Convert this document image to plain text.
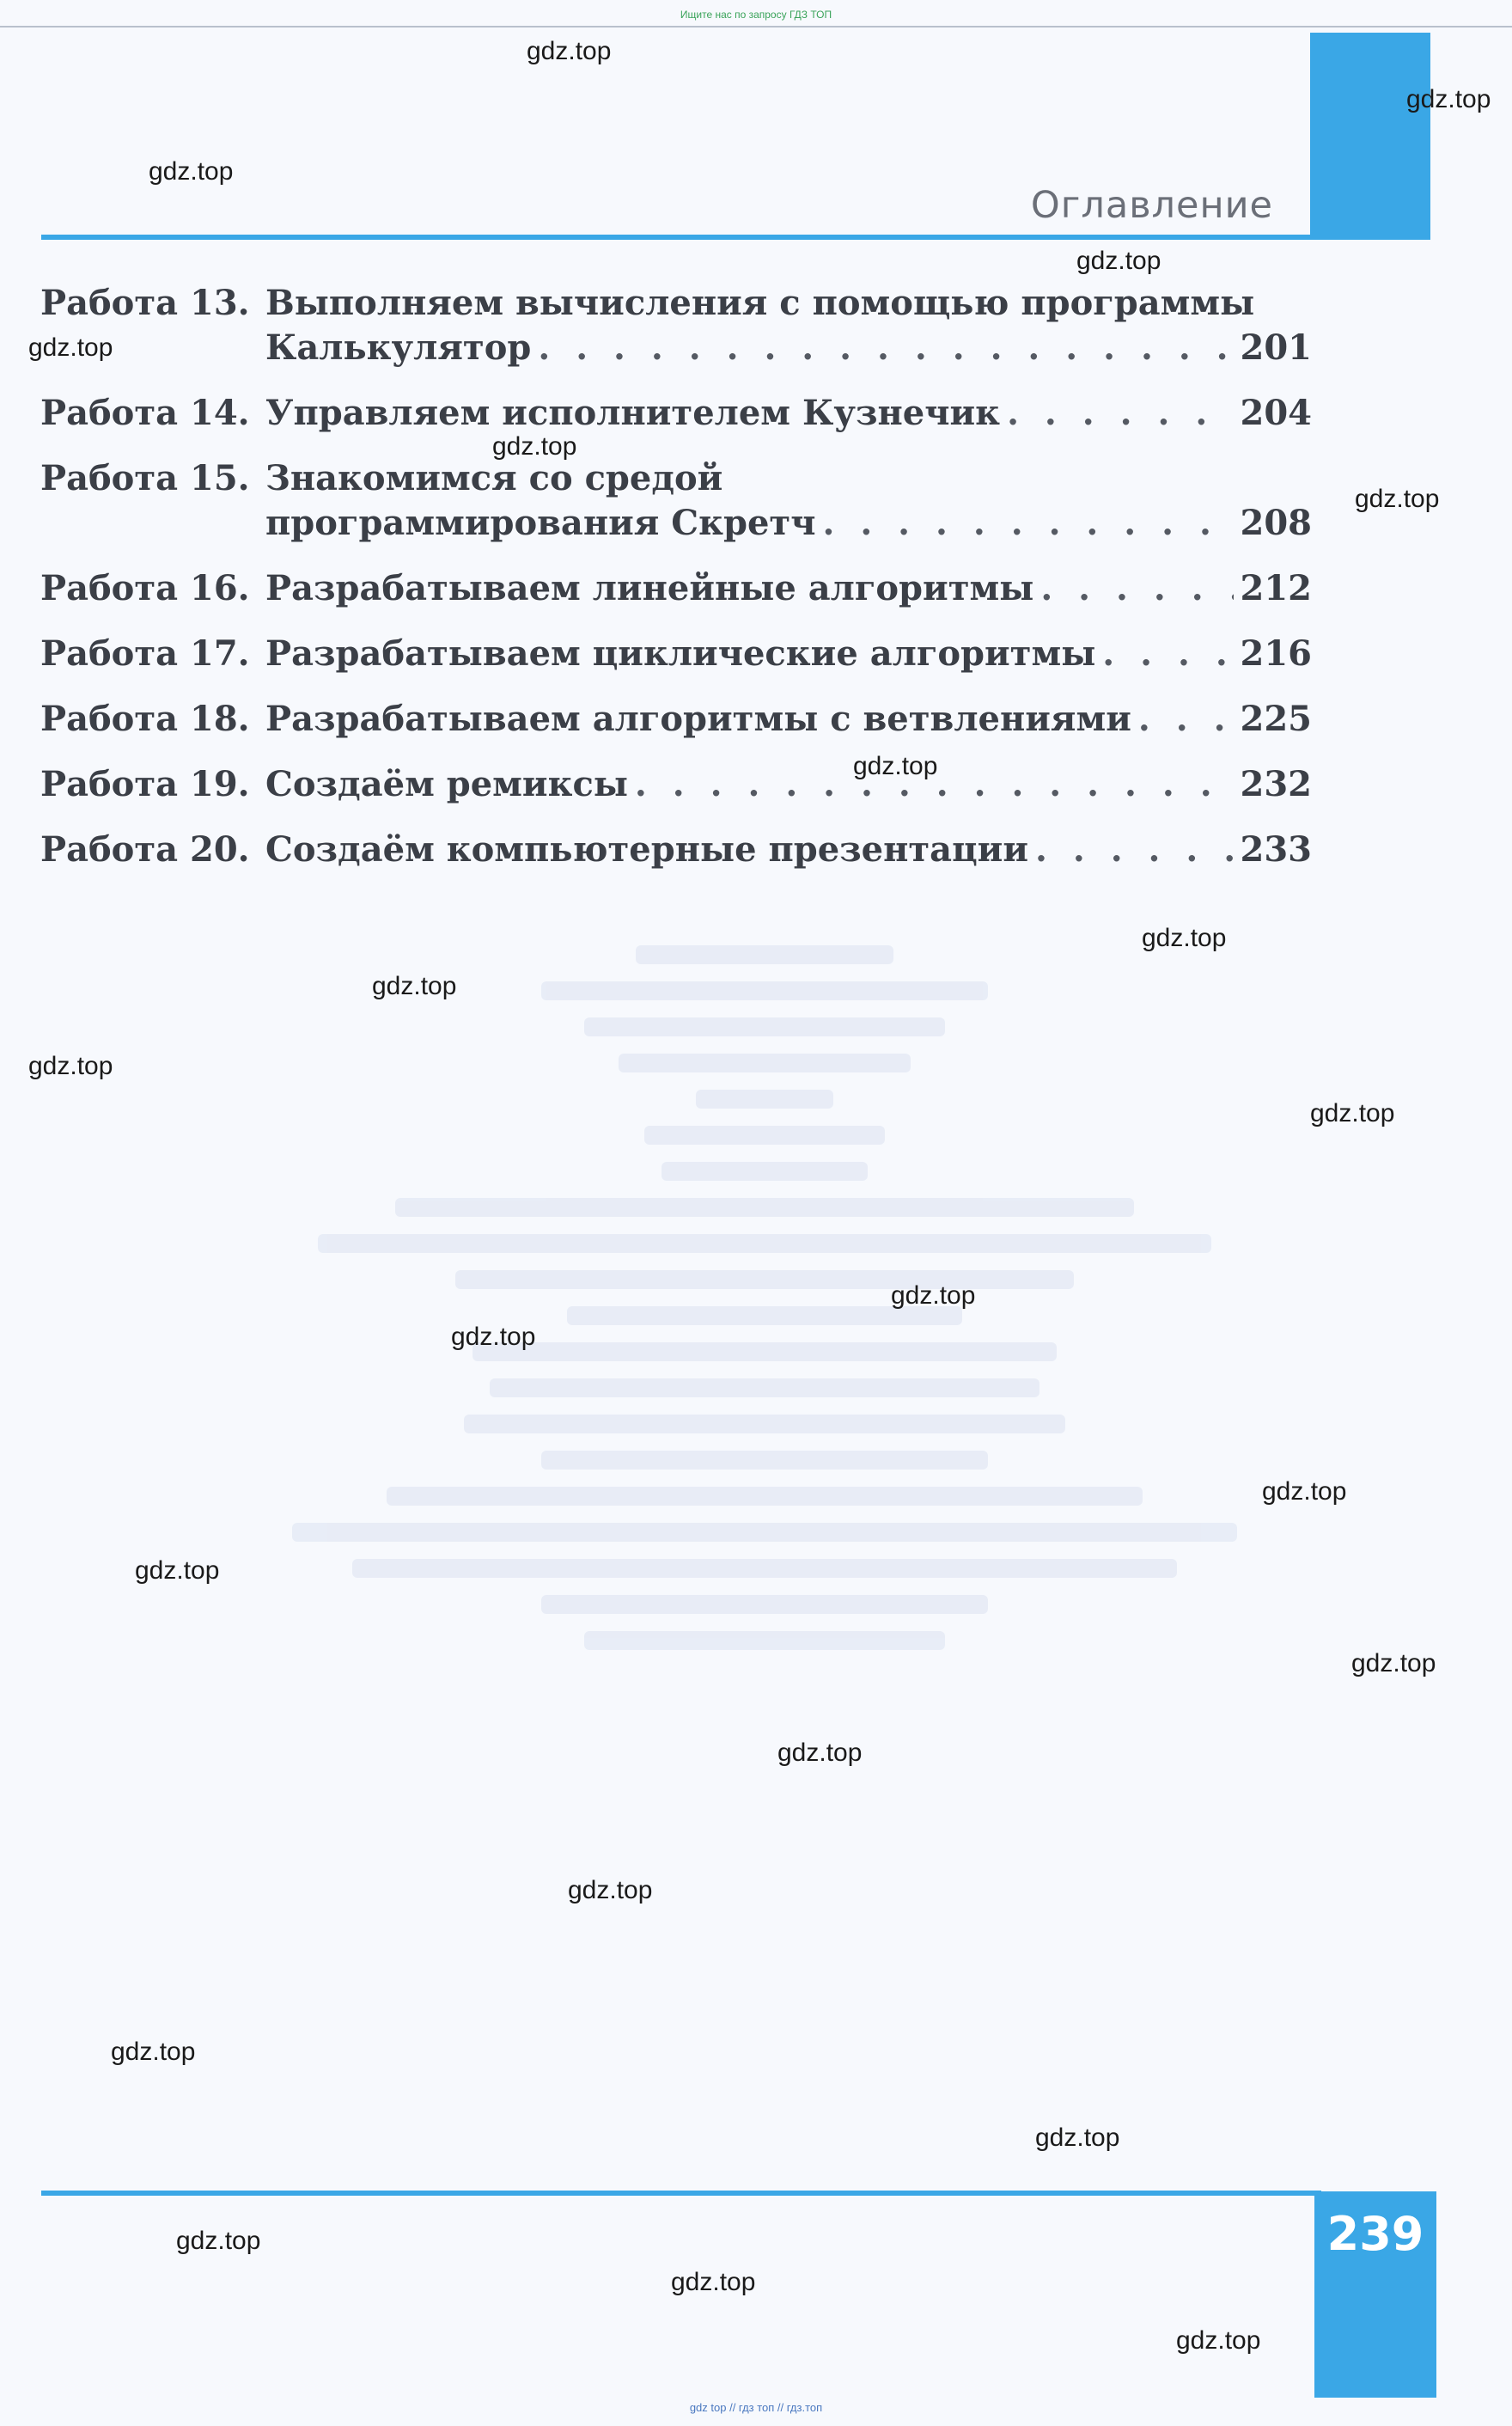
Ищите нас по запросу ГДЗ ТОП
Оглавление
Работа 13. Выполняем вычисления с помощью программы
Калькулятор . . .	201
Работа 14. Управляем исполнителем Кузнечик . . .	204
Работа 15. Знакомимся со средой
программирования Скретч . . .	208
Работа 16. Разрабатываем линейные алгоритмы . . .	212
Работа 17. Разрабатываем циклические алгоритмы . . .	216
Работа 18. Разрабатываем алгоритмы с ветвлениями . . .	225
Работа 19. Создаём ремиксы . . .	232
Работа 20. Создаём компьютерные презентации . . .	233
239
gdz top // гдз топ // гдз.топ
gdz.top
gdz.top
gdz.top
gdz.top
gdz.top
gdz.top
gdz.top
gdz.top
gdz.top
gdz.top
gdz.top
gdz.top
gdz.top
gdz.top
gdz.top
gdz.top
gdz.top
gdz.top
gdz.top
gdz.top
gdz.top
gdz.top
gdz.top
gdz.top
